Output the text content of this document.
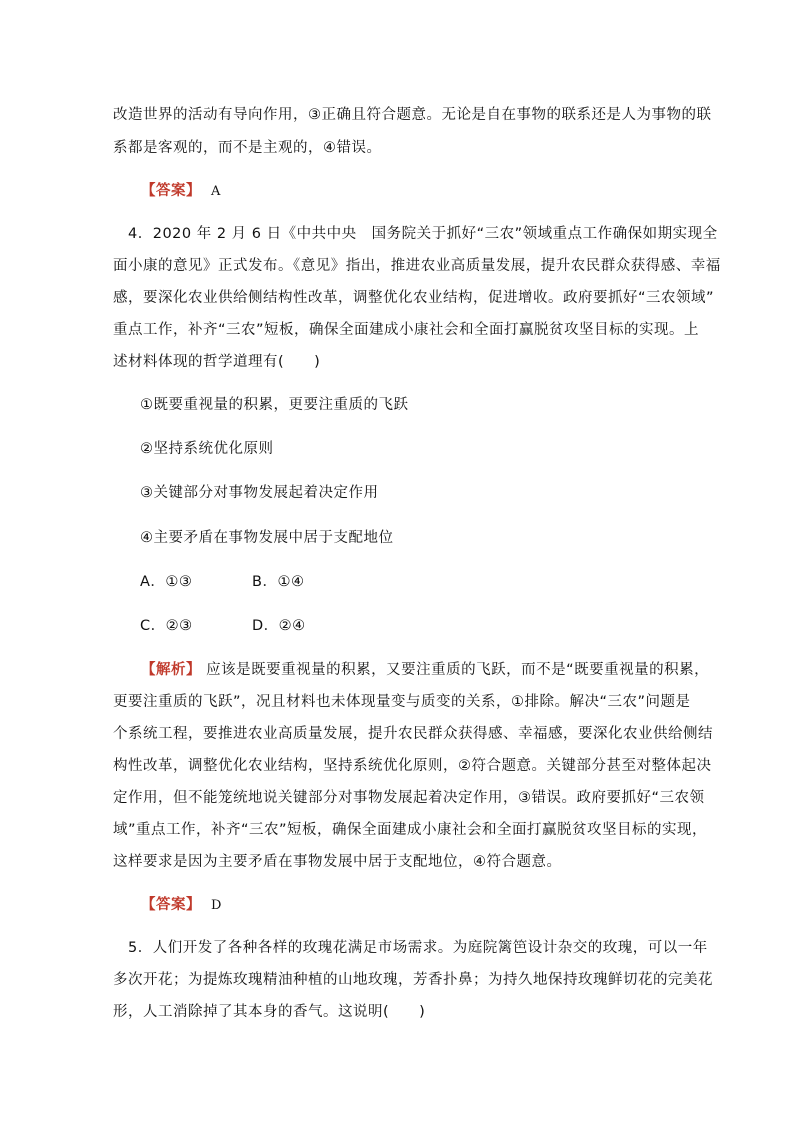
改造世界的活动有导向作用，③正确且符合题意。无论是自在事物的联系还是人为事物的联
系都是客观的，而不是主观的，④错误。
【答案】 A
　4．2020 年 2 月 6 日《中共中央　国务院关于抓好“三农”领域重点工作确保如期实现全
面小康的意见》正式发布。《意见》指出，推进农业高质量发展，提升农民群众获得感、幸福
感，要深化农业供给侧结构性改革，调整优化农业结构，促进增收。政府要抓好“三农领域”
重点工作，补齐“三农”短板，确保全面建成小康社会和全面打赢脱贫攻坚目标的实现。上
述材料体现的哲学道理有(　　)
①既要重视量的积累，更要注重质的飞跃
②坚持系统优化原则
③关键部分对事物发展起着决定作用
④主要矛盾在事物发展中居于支配地位
A．①③	B．①④
C．②③	D．②④
【解析】 应该是既要重视量的积累，又要注重质的飞跃，而不是“既要重视量的积累，
更要注重质的飞跃”，况且材料也未体现量变与质变的关系，①排除。解决“三农”问题是
个系统工程，要推进农业高质量发展，提升农民群众获得感、幸福感，要深化农业供给侧结
构性改革，调整优化农业结构，坚持系统优化原则，②符合题意。关键部分甚至对整体起决
定作用，但不能笼统地说关键部分对事物发展起着决定作用，③错误。政府要抓好“三农领
域”重点工作，补齐“三农”短板，确保全面建成小康社会和全面打赢脱贫攻坚目标的实现，
这样要求是因为主要矛盾在事物发展中居于支配地位，④符合题意。
【答案】 D
　5．人们开发了各种各样的玫瑰花满足市场需求。为庭院篱笆设计杂交的玫瑰，可以一年
多次开花；为提炼玫瑰精油种植的山地玫瑰，芳香扑鼻；为持久地保持玫瑰鲜切花的完美花
形，人工消除掉了其本身的香气。这说明(　　)
